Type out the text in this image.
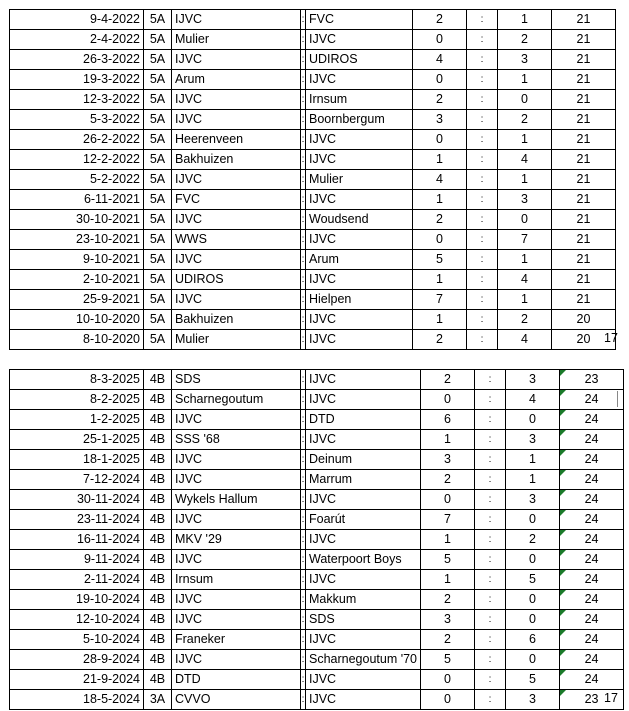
9-4-2022	5A	IJVC	:	FVC	2	:	1	21
2-4-2022	5A	Mulier	:	IJVC	0	:	2	21
26-3-2022	5A	IJVC	:	UDIROS	4	:	3	21
19-3-2022	5A	Arum	:	IJVC	0	:	1	21
12-3-2022	5A	IJVC	:	Irnsum	2	:	0	21
5-3-2022	5A	IJVC	:	Boornbergum	3	:	2	21
26-2-2022	5A	Heerenveen	:	IJVC	0	:	1	21
12-2-2022	5A	Bakhuizen	:	IJVC	1	:	4	21
5-2-2022	5A	IJVC	:	Mulier	4	:	1	21
6-11-2021	5A	FVC	:	IJVC	1	:	3	21
30-10-2021	5A	IJVC	:	Woudsend	2	:	0	21
23-10-2021	5A	WWS	:	IJVC	0	:	7	21
9-10-2021	5A	IJVC	:	Arum	5	:	1	21
2-10-2021	5A	UDIROS	:	IJVC	1	:	4	21
25-9-2021	5A	IJVC	:	Hielpen	7	:	1	21
10-10-2020	5A	Bakhuizen	:	IJVC	1	:	2	20
8-10-2020	5A	Mulier	:	IJVC	2	:	4	20 17
8-3-2025	4B	SDS	:	IJVC	2	:	3	23
8-2-2025	4B	Scharnegoutum	:	IJVC	0	:	4	24
1-2-2025	4B	IJVC	:	DTD	6	:	0	24
25-1-2025	4B	SSS '68	:	IJVC	1	:	3	24
18-1-2025	4B	IJVC	:	Deinum	3	:	1	24
7-12-2024	4B	IJVC	:	Marrum	2	:	1	24
30-11-2024	4B	Wykels Hallum	:	IJVC	0	:	3	24
23-11-2024	4B	IJVC	:	Foarút	7	:	0	24
16-11-2024	4B	MKV '29	:	IJVC	1	:	2	24
9-11-2024	4B	IJVC	:	Waterpoort Boys	5	:	0	24
2-11-2024	4B	Irnsum	:	IJVC	1	:	5	24
19-10-2024	4B	IJVC	:	Makkum	2	:	0	24
12-10-2024	4B	IJVC	:	SDS	3	:	0	24
5-10-2024	4B	Franeker	:	IJVC	2	:	6	24
28-9-2024	4B	IJVC	:	Scharnegoutum '70	5	:	0	24
21-9-2024	4B	DTD	:	IJVC	0	:	5	24
18-5-2024	3A	CVVO	:	IJVC	0	:	3	23 17
